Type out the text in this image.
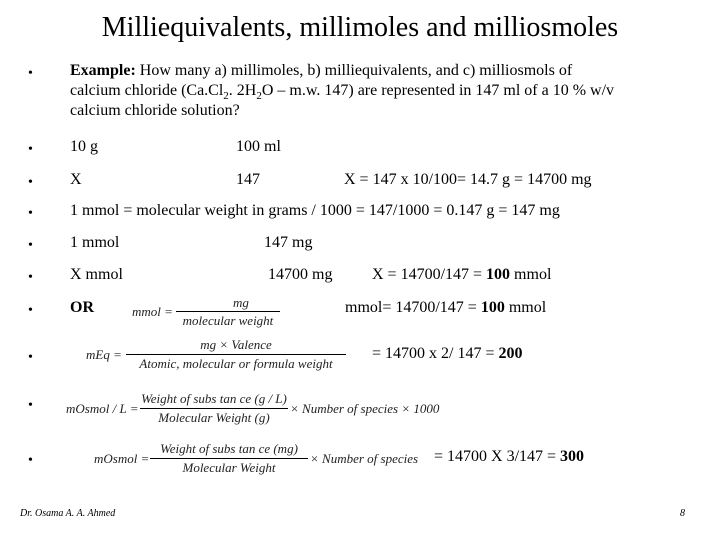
Milliequivalents, millimoles and milliosmoles
• Example: How many a) millimoles, b) milliequivalents, and c) milliosmols of
calcium chloride ($Ca.Cl_2$. $2H_2O - m.w$. 147) are represented in 147 ml of a 10 % w/v
calcium chloride solution?
• 10 g	100 ml
• X	147	X = 147 x 10/100= 14.7 g = 14700 mg
• 1 mmol = molecular weight in grams / 1000 = 147/1000 = 0.147 g = 147 mg
• 1 mmol	147 mg
• X mmol	14700 mg X = 14700/147 = 100 mmol
• OR	mmol =
mg
molecular weight
mmol= 14700/147 = 100 mmol
•	mEq =
mg × Valence
Atomic, molecular or formula weight
= 14700 x 2/ 147 = 200
•	mOsmol / L =
Weight of subs tan ce (g / L)
Molecular Weight (g)
× Number of species × 1000
•	mOsmol =
Weight of subs tan ce (mg)
Molecular Weight
× Number of species = 14700 X 3/147 = 300
Dr. Osama A. A. Ahmed	8
